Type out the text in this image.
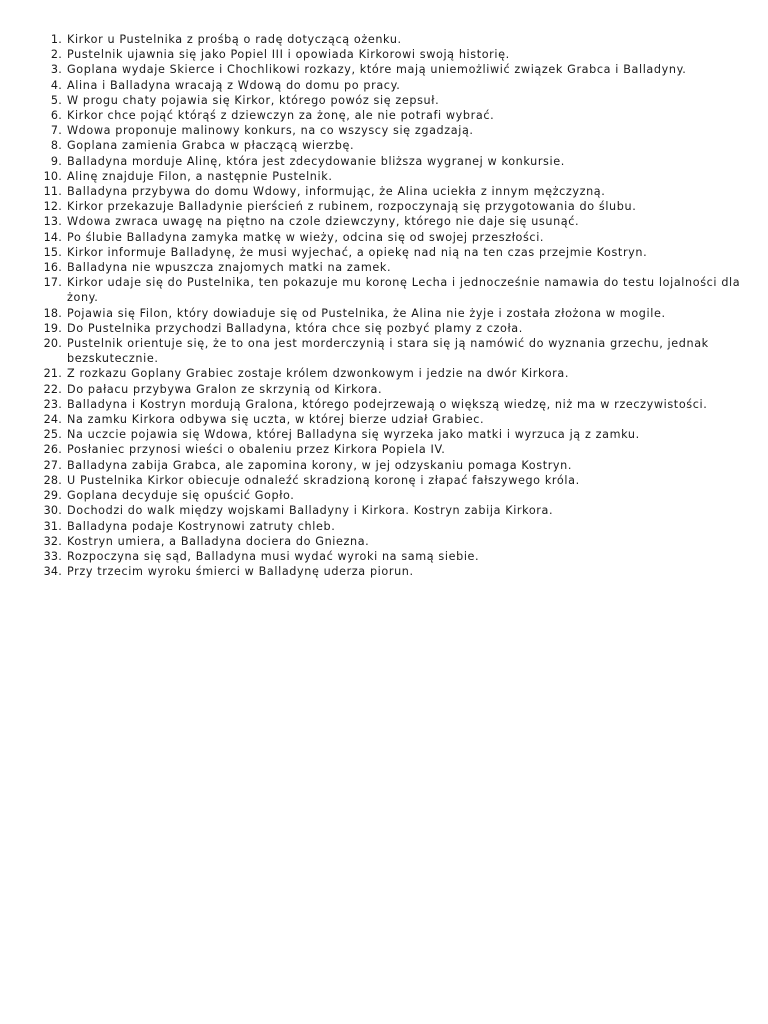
1 . Kirkor u Pustelnika z prośbą o radę dotyczącą ożenku.
2 . Pustelnik ujawnia się jako Popiel III i opowiada Kirkorowi swoją historię.
3 . Goplana wydaje Skierce i Chochlikowi rozkazy, które mają uniemożliwić związek Grabca i Balladyny.
4 . Alina i Balladyna wracają z Wdową do domu po pracy.
5 . W progu chaty pojawia się Kirkor, którego powóz się zepsuł.
6 . Kirkor chce pojąć którąś z dziewczyn za żonę, ale nie potrafi wybrać.
7 . Wdowa proponuje malinowy konkurs, na co wszyscy się zgadzają.
8 . Goplana zamienia Grabca w płaczącą wierzbę.
9 . Balladyna morduje Alinę, która jest zdecydowanie bliższa wygranej w konkursie.
10 . Alinę znajduje Filon, a następnie Pustelnik.
11 . Balladyna przybywa do domu Wdowy, informując, że Alina uciekła z innym mężczyzną.
12 . Kirkor przekazuje Balladynie pierścień z rubinem, rozpoczynają się przygotowania do ślubu.
13 . Wdowa zwraca uwagę na piętno na czole dziewczyny, którego nie daje się usunąć.
14 . Po ślubie Balladyna zamyka matkę w wieży, odcina się od swojej przeszłości.
15 . Kirkor informuje Balladynę, że musi wyjechać, a opiekę nad nią na ten czas przejmie Kostryn.
16 . Balladyna nie wpuszcza znajomych matki na zamek.
17 . Kirkor udaje się do Pustelnika, ten pokazuje mu koronę Lecha i jednocześnie namawia do testu lojalności dla żony.
18 . Pojawia się Filon, który dowiaduje się od Pustelnika, że Alina nie żyje i została złożona w mogile.
19 . Do Pustelnika przychodzi Balladyna, która chce się pozbyć plamy z czoła.
20 . Pustelnik orientuje się, że to ona jest morderczynią i stara się ją namówić do wyznania grzechu, jednak bezskutecznie.
21 . Z rozkazu Goplany Grabiec zostaje królem dzwonkowym i jedzie na dwór Kirkora.
22 . Do pałacu przybywa Gralon ze skrzynią od Kirkora.
23 . Balladyna i Kostryn mordują Gralona, którego podejrzewają o większą wiedzę, niż ma w rzeczywistości.
24 . Na zamku Kirkora odbywa się uczta, w której bierze udział Grabiec.
25 . Na uczcie pojawia się Wdowa, której Balladyna się wyrzeka jako matki i wyrzuca ją z zamku.
26 . Posłaniec przynosi wieści o obaleniu przez Kirkora Popiela IV.
27 . Balladyna zabija Grabca, ale zapomina korony, w jej odzyskaniu pomaga Kostryn.
28 . U Pustelnika Kirkor obiecuje odnaleźć skradzioną koronę i złapać fałszywego króla.
29 . Goplana decyduje się opuścić Gopło.
30 . Dochodzi do walk między wojskami Balladyny i Kirkora. Kostryn zabija Kirkora.
31 . Balladyna podaje Kostrynowi zatruty chleb.
32 . Kostryn umiera, a Balladyna dociera do Gniezna.
33 . Rozpoczyna się sąd, Balladyna musi wydać wyroki na samą siebie.
34 . Przy trzecim wyroku śmierci w Balladynę uderza piorun.
